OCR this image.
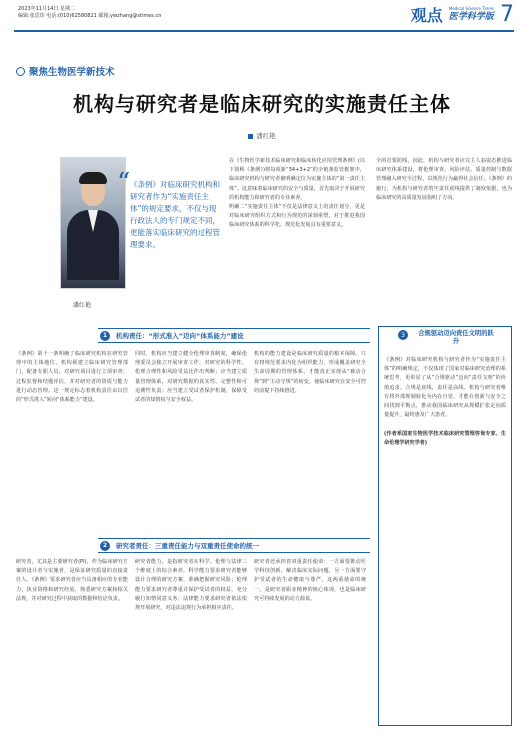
2023年11月14日 星期二
编辑:张思玮 电话:(010)62580821 邮箱:ywzhang@stimes.cn	观点 Medical Science Times
医学科学版 7
聚焦生物医学新技术
机构与研究者是临床研究的实施责任主体
潘红艳
潘红艳
“ 《条例》对临床研究机构和研究者作为“实施责任主体”的规定要求，不仅与现行政法人的专门规定不同，更能落实临床研究的过程管理要求。
在《生物医学新技术临床研究和临床转化应用管理条例》(以下简称《条例》)将每项新“34+3+2”的全链条监管框架中，临床研究机构与研究者被明确定位为实施主体的“第一责任主体”。这意味着临床研究的安全与质量，首先取决于开展研究的机构能力和研究者的专业素养。
明确二“实施责任主体”不仅是法律意义上的责任划分，更是对临床研究组织方式和行为规范的深刻重塑，对于推进我国临床研究体系的科学化、规范化发展具有重要意义。
全的首要防线，因此，机构与研究者应以主人翁姿态推进临床研究体系建设，将伦理审查、风险评估、质量控制与数据管理融入研究全过程，以规范行为赢得社会信任。《条例》的施行，为机构与研究者筑牢责任底线提供了制度依据，也为临床研究的高质量发展指明了方向。
1	机构责任：“形式准入”迈向“体系能力”建设
《条例》第十一条明确了临床研究机构在研究管理中的主体地位，机构须建立临床研究管理部门，配备专职人员，对研究项目进行立项审查、过程监督和结题评估，并对研究者的资质与能力进行动态管理。这一规定标志着机构责任由以往的“形式准入”转向“体系能力”建设。
同时，机构应当建立健全伦理审查制度，确保伦理委员会独立开展审查工作，对研究的科学性、伦理合理性和风险受益比作出判断；应当建立质量管理体系，对研究数据的真实性、完整性和可追溯性负责；应当建立受试者保护机制，保障受试者的知情权与安全权益。
机构的能力建设是临床研究质量的根本保障。只有将规范要求内化为组织能力，形成覆盖研究全生命周期的管理体系，才能真正实现从“被动合规”到“主动守规”的转变，使临床研究在安全可控的前提下持续推进。
2	研究者责任：三重责任能力与双重责任使命的统一
研究者，尤其是主要研究者(PI)，作为临床研究方案的设计者与实施者，是保证研究质量的直接责任人。《条例》要求研究者应当具备相应的专业能力、执业资格和研究经验，熟悉研究方案和相关法规，并对研究过程中获取的数据和结论负责。
研究者能力，是指研究者在科学、伦理与法律三个维度上的综合素养。科学能力要求研究者能够设计合理的研究方案，准确把握研究风险；伦理能力要求研究者尊重并保护受试者的权益，充分履行知情同意义务；法律能力要求研究者依法依规开展研究，对违法违规行为承担相应责任。
研究者还承担着双重责任使命：一方面要推动医学科技创新、解决临床实际问题，另一方面要守护受试者的生命健康与尊严。这两重使命的统一，是研究者职业精神的核心体现，也是临床研究可持续发展的动力源泉。
3	合规驱动迈向责任文明的跃升
《条例》对临床研究机构与研究者作为“实施责任主体”的明确规定，不仅体现了国家对临床研究治理的系统思考，更彰显了从“合规驱动”迈向“责任文明”的价值追求。合规是底线，责任是高线。机构与研究者唯有将外部规制转化为内在自觉，才能在创新与安全之间找到平衡点，推动我国临床研究从规模扩张走向质量提升，最终惠及广大患者。

(作者系国家生物医学技术临床研究管理咨询专家、生命伦理学研究学者)
